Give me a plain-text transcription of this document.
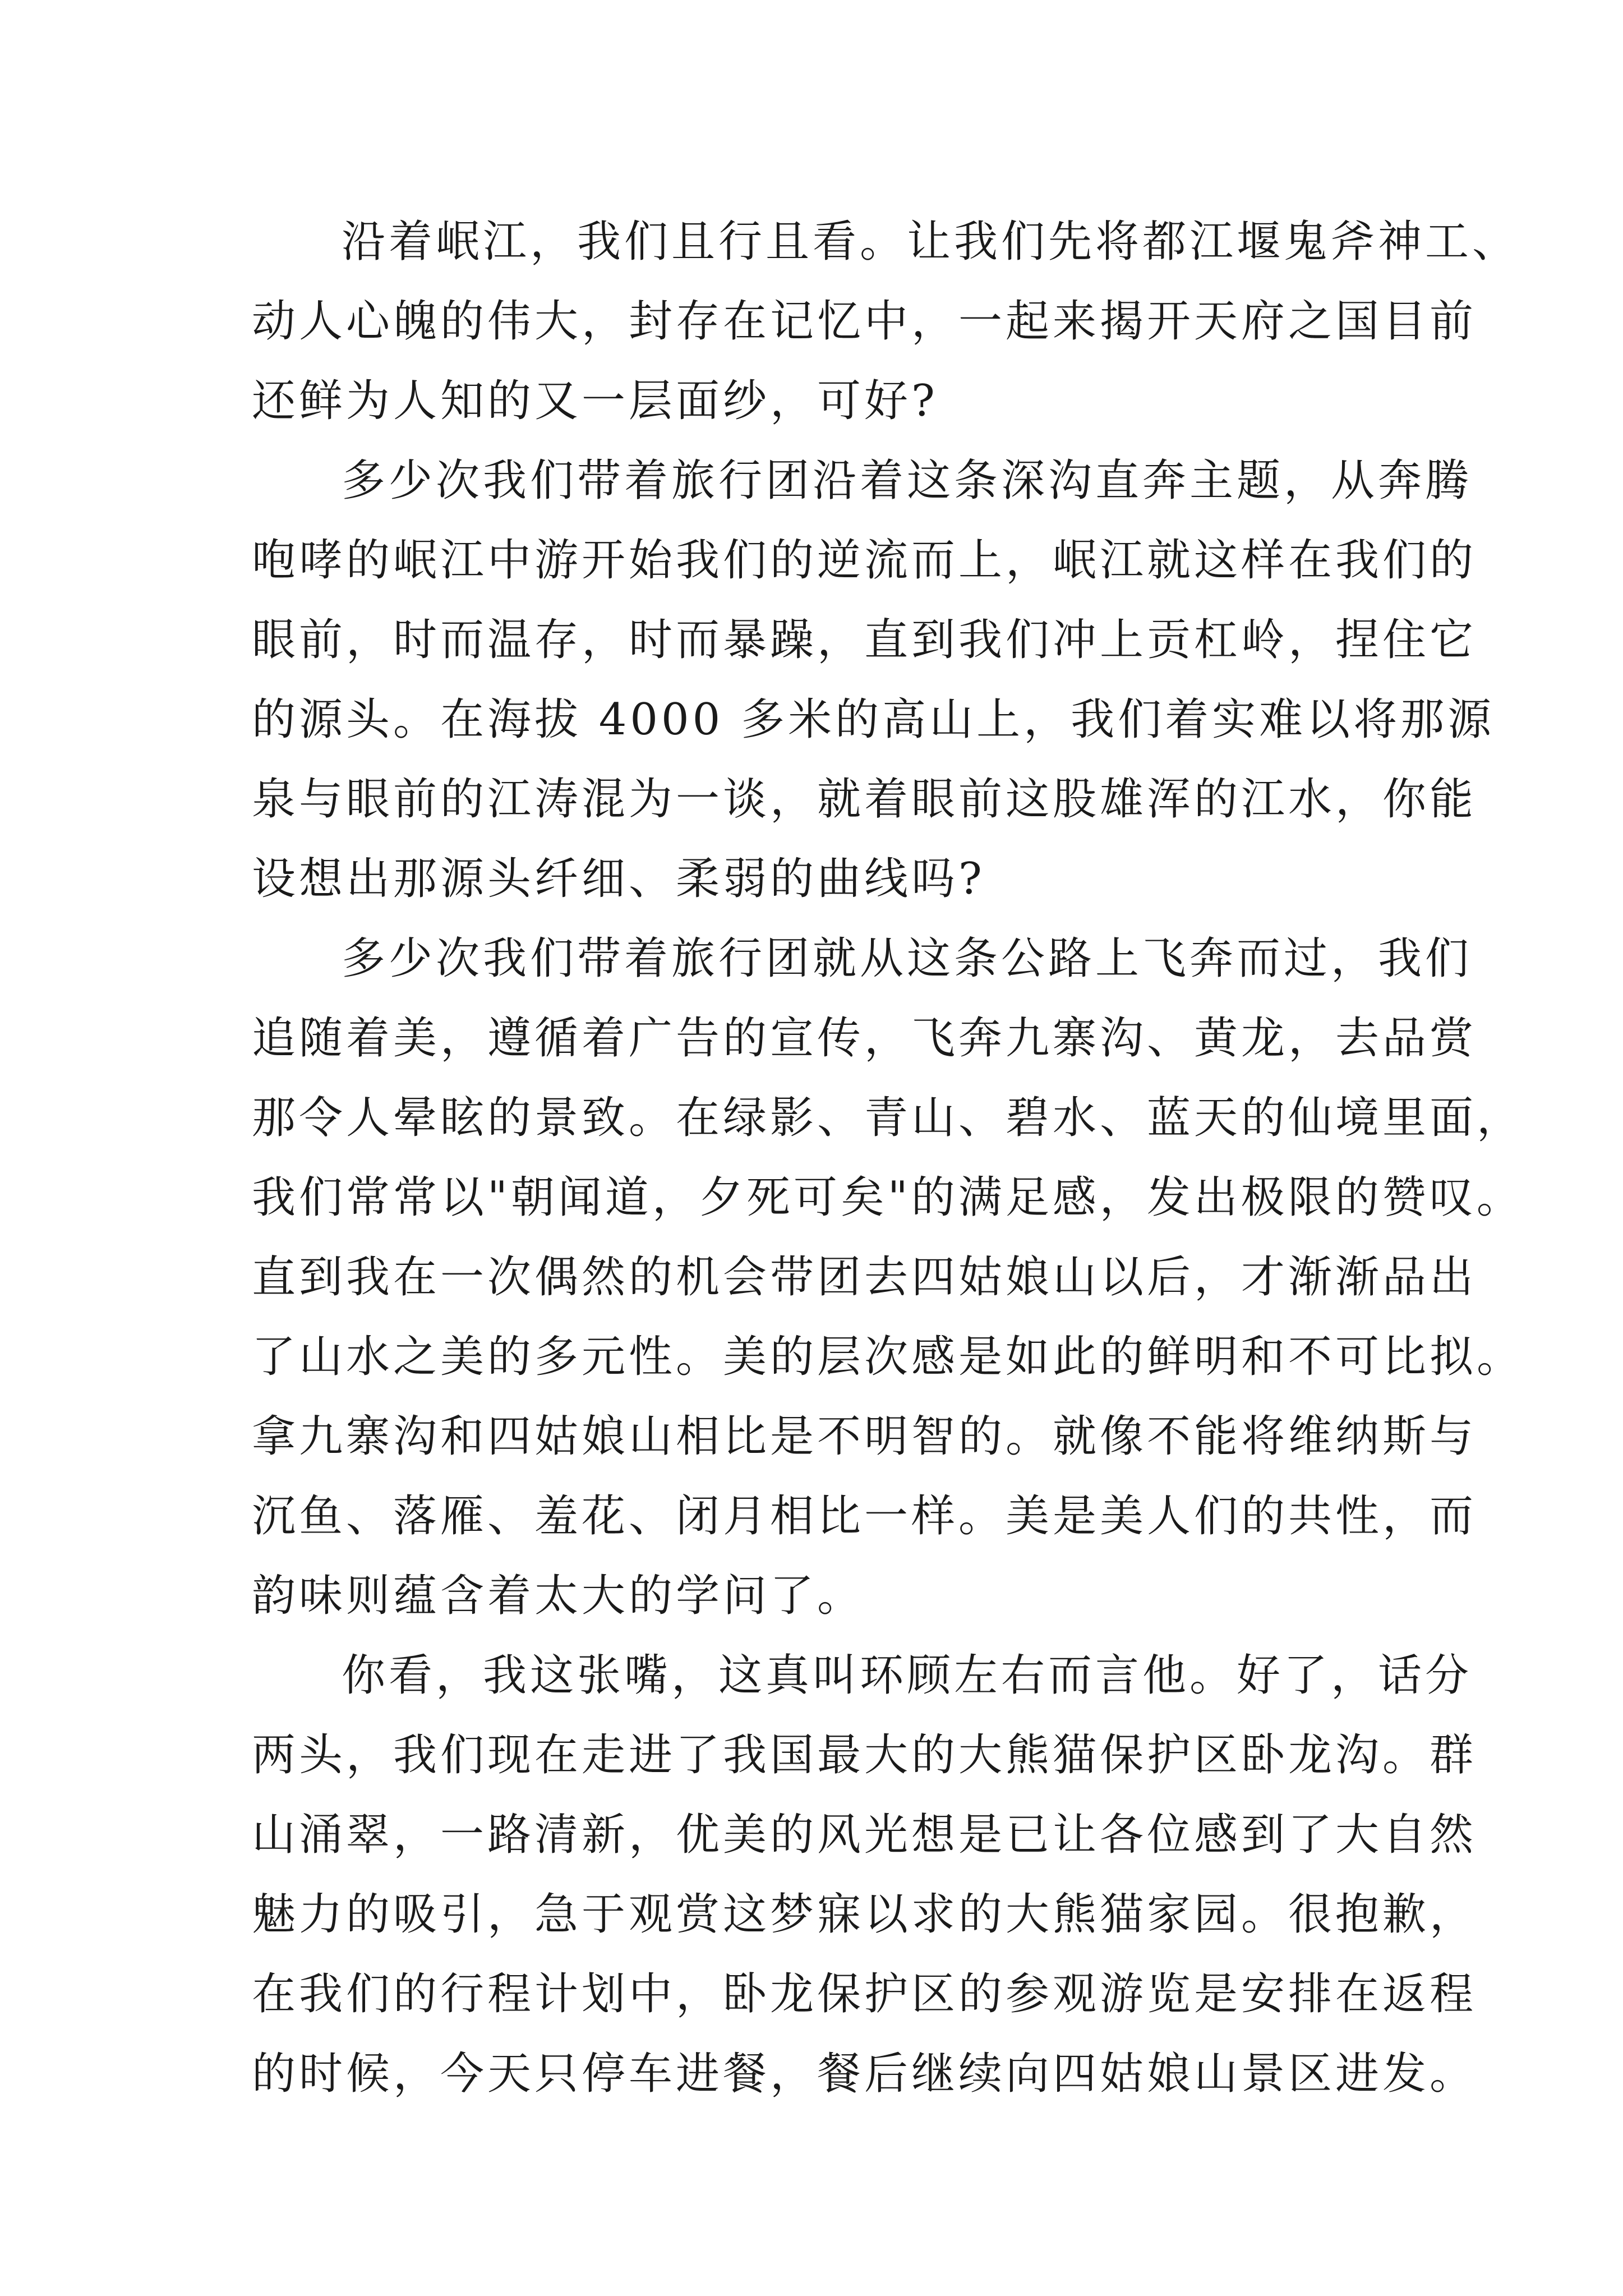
沿着岷江，我们且行且看。让我们先将都江堰鬼斧神工、
动人心魄的伟大，封存在记忆中，一起来揭开天府之国目前
还鲜为人知的又一层面纱，可好?
多少次我们带着旅行团沿着这条深沟直奔主题，从奔腾
咆哮的岷江中游开始我们的逆流而上，岷江就这样在我们的
眼前，时而温存，时而暴躁，直到我们冲上贡杠岭，捏住它
的源头。在海拔 4000 多米的高山上，我们着实难以将那源
泉与眼前的江涛混为一谈，就着眼前这股雄浑的江水，你能
设想出那源头纤细、柔弱的曲线吗?
多少次我们带着旅行团就从这条公路上飞奔而过，我们
追随着美，遵循着广告的宣传，飞奔九寨沟、黄龙，去品赏
那令人晕眩的景致。在绿影、青山、碧水、蓝天的仙境里面，
我们常常以"朝闻道，夕死可矣"的满足感，发出极限的赞叹。
直到我在一次偶然的机会带团去四姑娘山以后，才渐渐品出
了山水之美的多元性。美的层次感是如此的鲜明和不可比拟。
拿九寨沟和四姑娘山相比是不明智的。就像不能将维纳斯与
沉鱼、落雁、羞花、闭月相比一样。美是美人们的共性，而
韵味则蕴含着太大的学问了。
你看，我这张嘴，这真叫环顾左右而言他。好了，话分
两头，我们现在走进了我国最大的大熊猫保护区卧龙沟。群
山涌翠，一路清新，优美的风光想是已让各位感到了大自然
魅力的吸引，急于观赏这梦寐以求的大熊猫家园。很抱歉，
在我们的行程计划中，卧龙保护区的参观游览是安排在返程
的时候，今天只停车进餐，餐后继续向四姑娘山景区进发。
